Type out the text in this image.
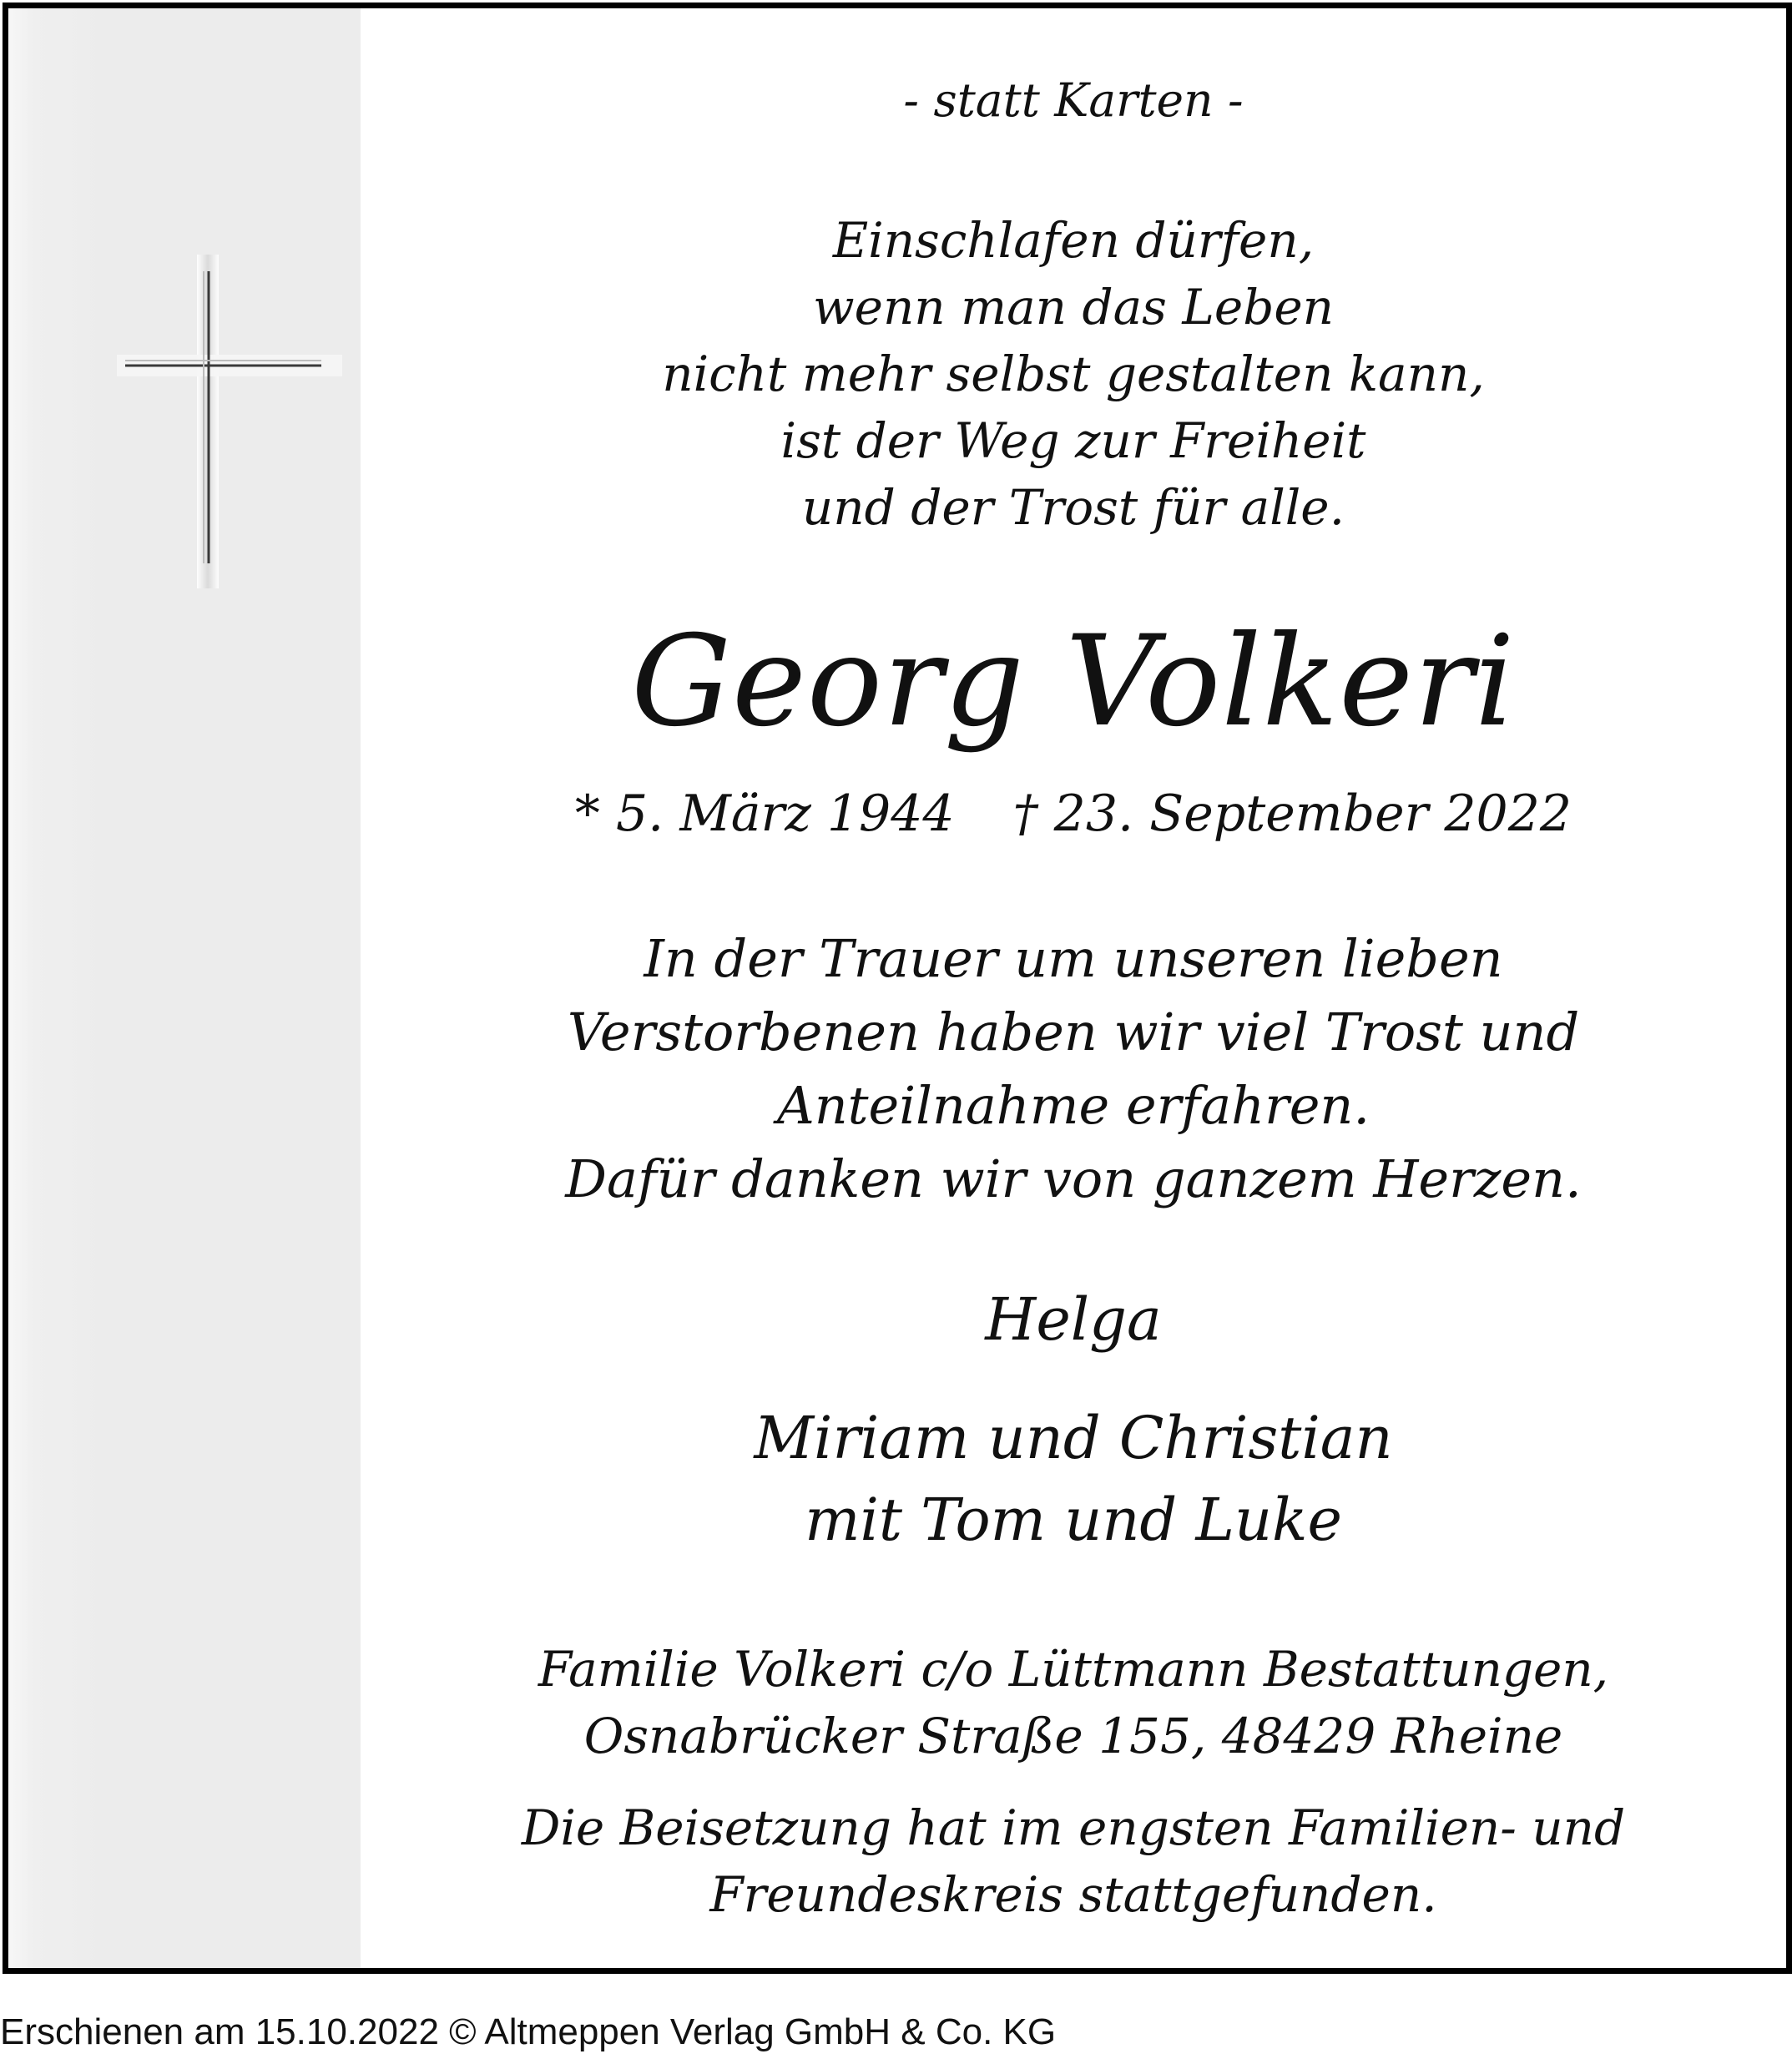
- statt Karten -
Einschlafen dürfen,
wenn man das Leben
nicht mehr selbst gestalten kann,
ist der Weg zur Freiheit
und der Trost für alle.
Georg Volkeri
* 5. März 1944 † 23. September 2022
In der Trauer um unseren lieben
Verstorbenen haben wir viel Trost und
Anteilnahme erfahren.
Dafür danken wir von ganzem Herzen.
Helga
Miriam und Christian
mit Tom und Luke
Familie Volkeri c/o Lüttmann Bestattungen,
Osnabrücker Straße 155, 48429 Rheine
Die Beisetzung hat im engsten Familien- und
Freundeskreis stattgefunden.
Erschienen am 15.10.2022 © Altmeppen Verlag GmbH & Co. KG
